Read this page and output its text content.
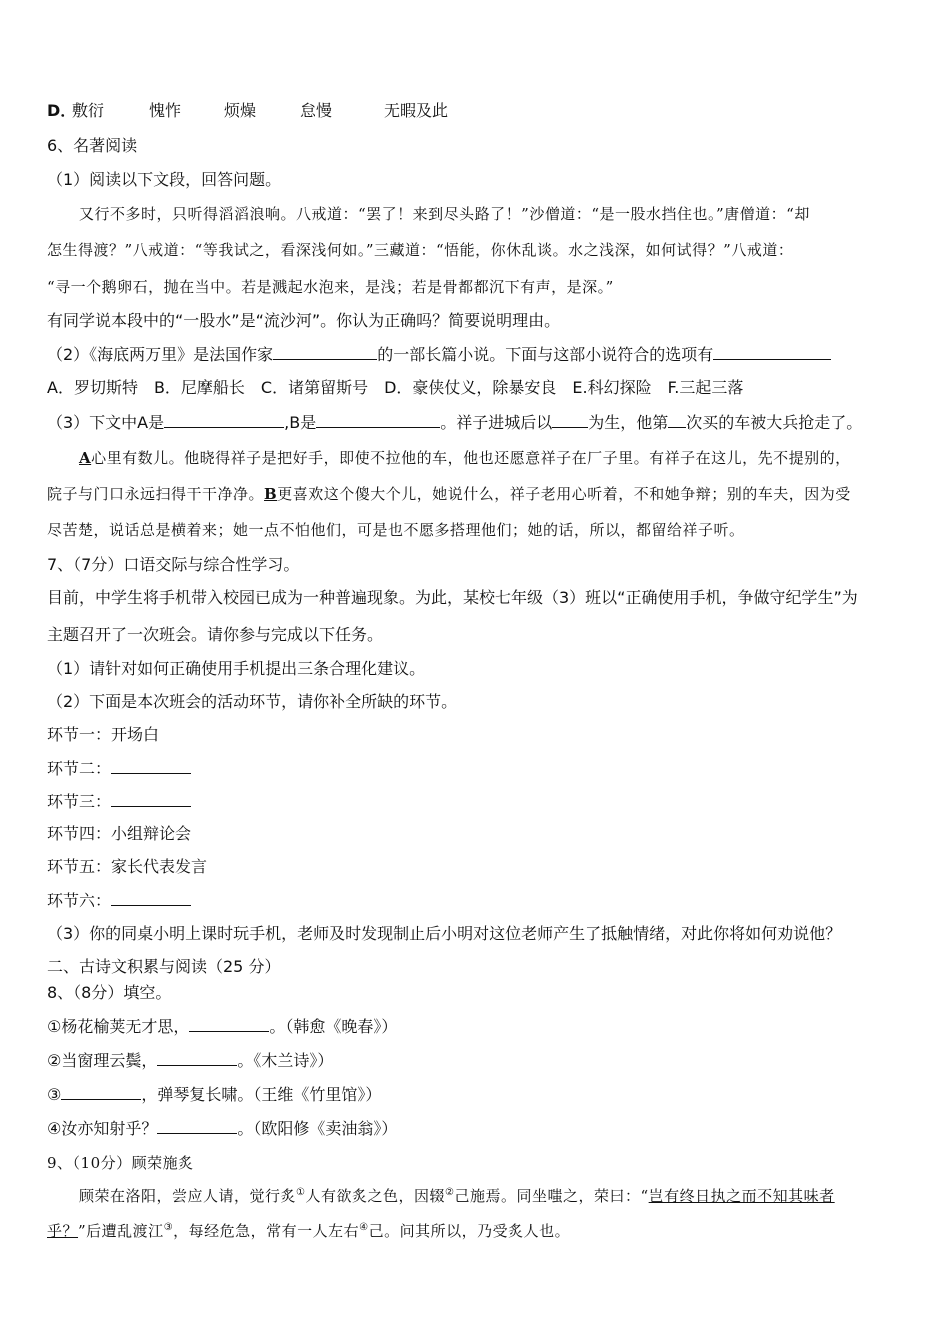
D．
敷衍	愧怍	烦燥	怠慢	无暇及此
6、名著阅读
（1）阅读以下文段，回答问题。
又行不多时，只听得滔滔浪响。八戒道：“罢了！来到尽头路了！”沙僧道：“是一股水挡住也。”唐僧道：“却
怎生得渡？”八戒道：“等我试之，看深浅何如。”三藏道：“悟能，你休乱谈。水之浅深，如何试得？”八戒道：
“寻一个鹅卵石，抛在当中。若是溅起水泡来，是浅；若是骨都都沉下有声，是深。”
有同学说本段中的“一股水”是“流沙河”。你认为正确吗？简要说明理由。
（2）《海底两万里》是法国作家	的一部长篇小说。下面与这部小说符合的选项有
A．罗切斯特　B．尼摩船长　C．诸第留斯号　D．豪侠仗义，除暴安良　E.科幻探险　F.三起三落
（3）下文中A是	,B是	。祥子进城后以 为生，他第 次买的车被大兵抢走了。
A心里有数儿。他晓得祥子是把好手，即使不拉他的车，他也还愿意祥子在厂子里。有祥子在这儿，先不提别的，
院子与门口永远扫得干干净净。B更喜欢这个傻大个儿，她说什么，祥子老用心听着，不和她争辩；别的车夫，因为受
尽苦楚，说话总是横着来；她一点不怕他们，可是也不愿多搭理他们；她的话，所以，都留给祥子听。
7、（7分）口语交际与综合性学习。
目前，中学生将手机带入校园已成为一种普遍现象。为此，某校七年级（3）班以“正确使用手机，争做守纪学生”为
主题召开了一次班会。请你参与完成以下任务。
（1）请针对如何正确使用手机提出三条合理化建议。
（2）下面是本次班会的活动环节，请你补全所缺的环节。
环节一：开场白
环节二：
环节三：
环节四：小组辩论会
环节五：家长代表发言
环节六：
（3）你的同桌小明上课时玩手机，老师及时发现制止后小明对这位老师产生了抵触情绪，对此你将如何劝说他？
二、古诗文积累与阅读（25 分）
8、（8分）填空。
①杨花榆荚无才思，	。（韩愈《晚春》）
②当窗理云鬓，	。《木兰诗》）
③	，弹琴复长啸。（王维《竹里馆》）
④汝亦知射乎？	。（欧阳修《卖油翁》）
9、（10分）顾荣施炙
顾荣在洛阳，尝应人请，觉行炙①人有欲炙之色，因辍②己施焉。同坐嗤之，荣曰：“岂有终日执之而不知其味者
乎？”后遭乱渡江③，每经危急，常有一人左右④己。问其所以，乃受炙人也。
